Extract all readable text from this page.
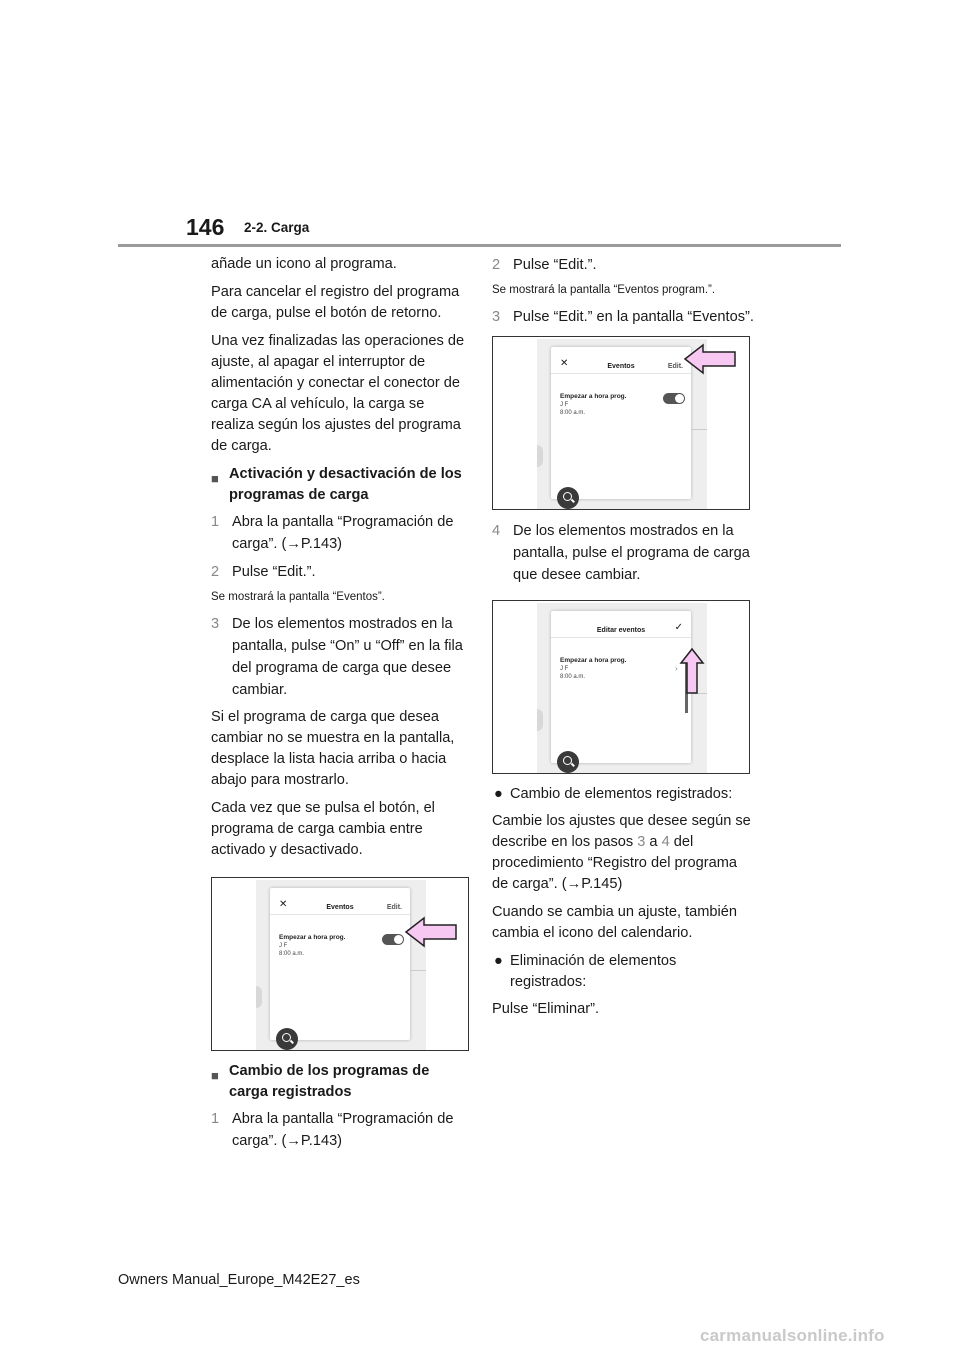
146 2-2. Carga

añade un icono al programa.

Para cancelar el registro del programa de carga, pulse el botón de retorno.

Una vez finalizadas las operaciones de ajuste, al apagar el interruptor de alimentación y conectar el conector de carga CA al vehículo, la carga se realiza según los ajustes del programa de carga.

■ Activación y desactivación de los programas de carga

1 Abra la pantalla “Programación de carga”. (→P.143)

2 Pulse “Edit.”.

Se mostrará la pantalla “Eventos”.

3 De los elementos mostrados en la pantalla, pulse “On” u “Off” en la fila del programa de carga que desee cambiar.

Si el programa de carga que desea cambiar no se muestra en la pantalla, desplace la lista hacia arriba o hacia abajo para mostrarlo.

Cada vez que se pulsa el botón, el programa de carga cambia entre activado y desactivado.

✕	Eventos	Edit.
Empezar a hora prog.
J F
8:00 a.m.

■ Cambio de los programas de carga registrados

1 Abra la pantalla “Programación de carga”. (→P.143)

2 Pulse “Edit.”.

Se mostrará la pantalla “Eventos program.”.

3 Pulse “Edit.” en la pantalla “Eventos”.

✕	Eventos	Edit.
Empezar a hora prog.
J F
8:00 a.m.

4 De los elementos mostrados en la pantalla, pulse el programa de carga que desee cambiar.

Editar eventos	✓
Empezar a hora prog.
J F
8:00 a.m.
›

● Cambio de elementos registrados:

Cambie los ajustes que desee según se describe en los pasos 3 a 4 del procedimiento “Registro del programa de carga”. (→P.145)

Cuando se cambia un ajuste, también cambia el icono del calendario.

● Eliminación de elementos registrados:

Pulse “Eliminar”.

Owners Manual_Europe_M42E27_es
carmanualsonline.info
